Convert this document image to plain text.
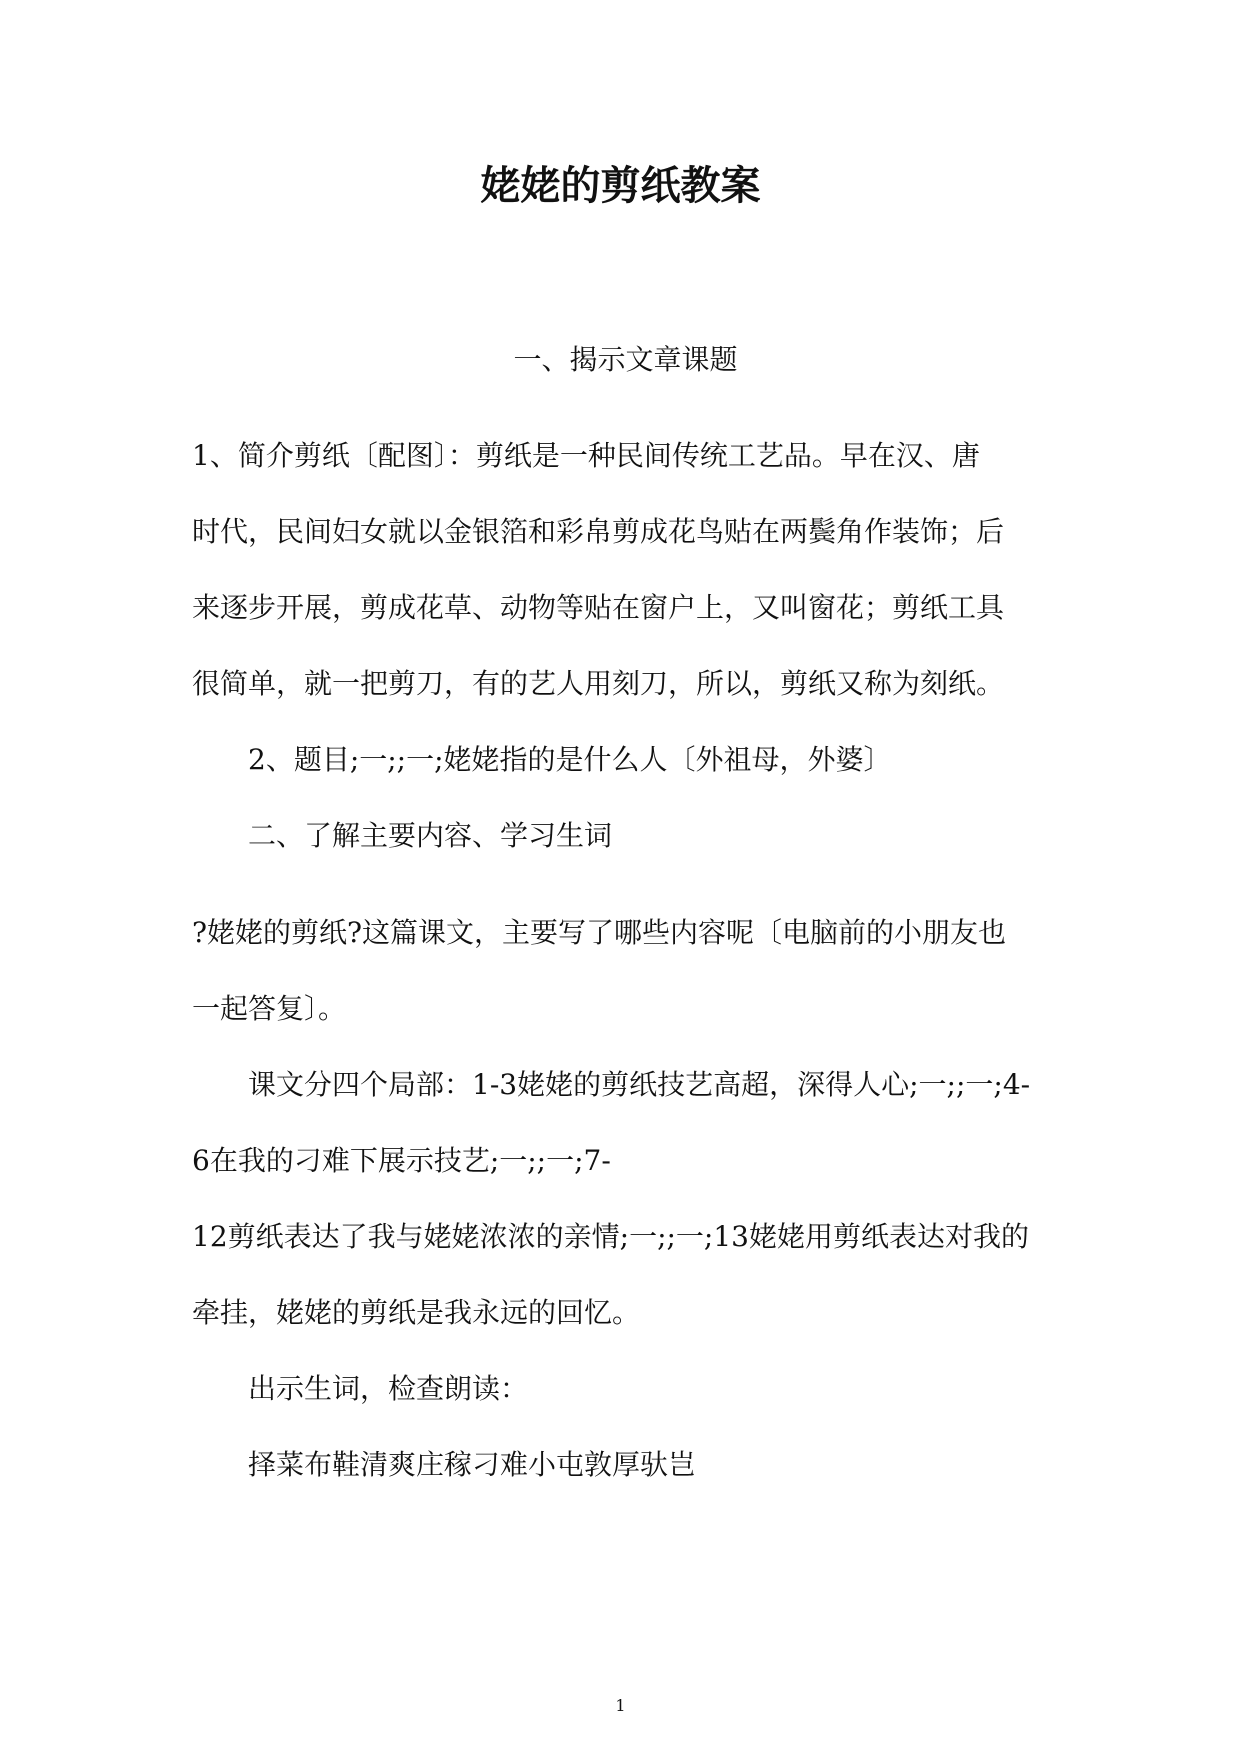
姥姥的剪纸教案
一、揭示文章课题
1、简介剪纸〔配图〕：剪纸是一种民间传统工艺品。早在汉、唐
时代，民间妇女就以金银箔和彩帛剪成花鸟贴在两鬓角作装饰；后
来逐步开展，剪成花草、动物等贴在窗户上，又叫窗花；剪纸工具
很简单，就一把剪刀，有的艺人用刻刀，所以，剪纸又称为刻纸。
2、题目;一;;一;姥姥指的是什么人〔外祖母，外婆〕
二、了解主要内容、学习生词
?姥姥的剪纸?这篇课文，主要写了哪些内容呢〔电脑前的小朋友也
一起答复〕。
课文分四个局部：1-3姥姥的剪纸技艺高超，深得人心;一;;一;4-
6在我的刁难下展示技艺;一;;一;7-
12剪纸表达了我与姥姥浓浓的亲情;一;;一;13姥姥用剪纸表达对我的
牵挂，姥姥的剪纸是我永远的回忆。
出示生词，检查朗读：
择菜布鞋清爽庄稼刁难小屯敦厚驮岂
1
